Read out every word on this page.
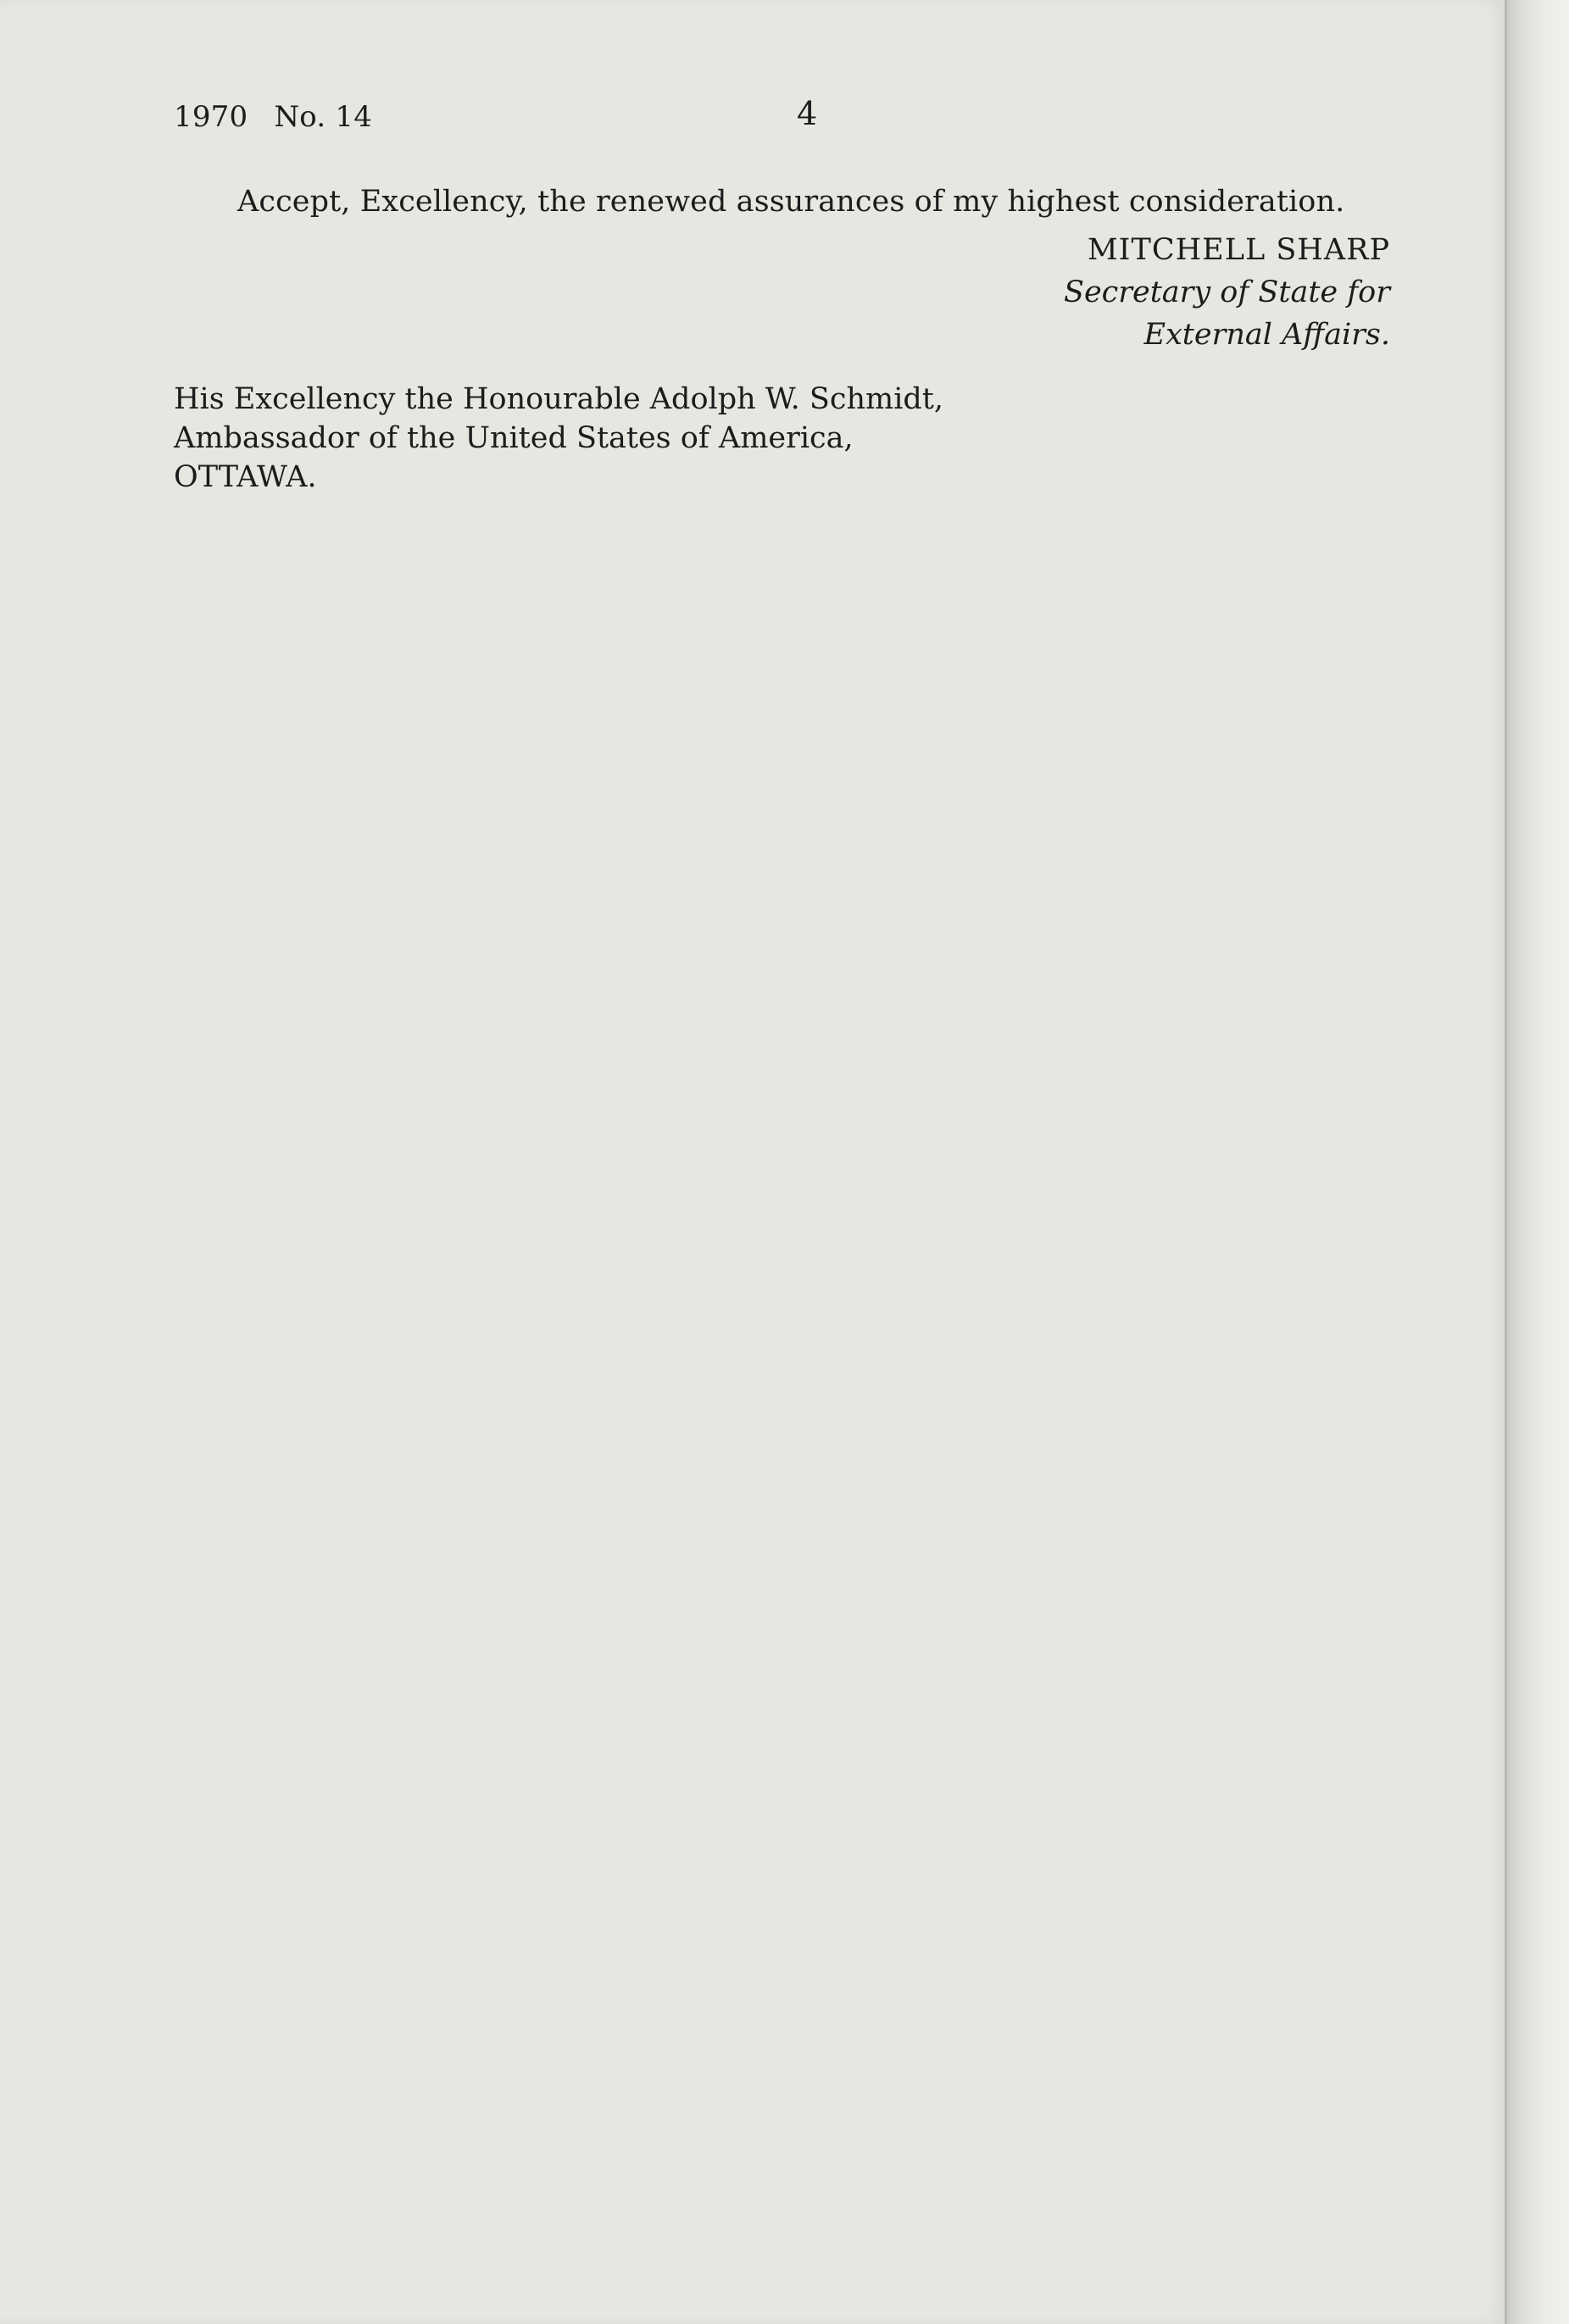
1970 No. 14	4
Accept, Excellency, the renewed assurances of my highest consideration.
MITCHELL SHARP
Secretary of State for
External Affairs.
His Excellency the Honourable Adolph W. Schmidt,
Ambassador of the United States of America,
OTTAWA.
